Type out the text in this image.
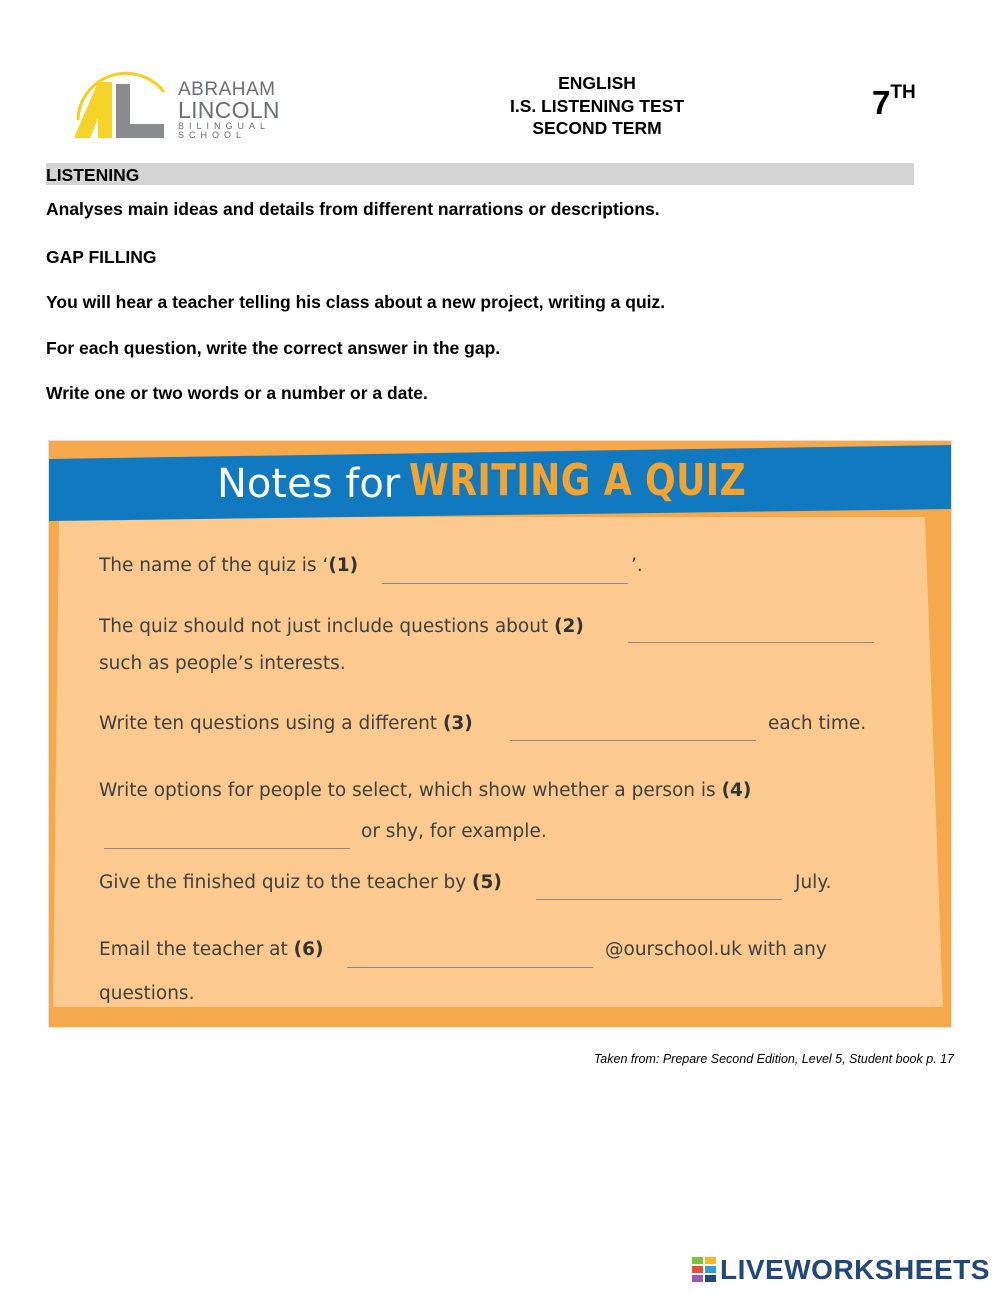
ABRAHAM
LINCOLN
BILINGUAL
SCHOOL
ENGLISH
I.S. LISTENING TEST
SECOND TERM
7TH
LISTENING
Analyses main ideas and details from different narrations or descriptions.
GAP FILLING
You will hear a teacher telling his class about a new project, writing a quiz.
For each question, write the correct answer in the gap.
Write one or two words or a number or a date.
Notes for WRITING A QUIZ
The name of the quiz is ‘(1)	’.
The quiz should not just include questions about (2)
such as people’s interests.
Write ten questions using a different (3)	each time.
Write options for people to select, which show whether a person is (4)
or shy, for example.
Give the finished quiz to the teacher by (5)	July.
Email the teacher at (6)	@ourschool.uk with any
questions.
Taken from: Prepare Second Edition, Level 5, Student book p. 17
LIVEWORKSHEETS
